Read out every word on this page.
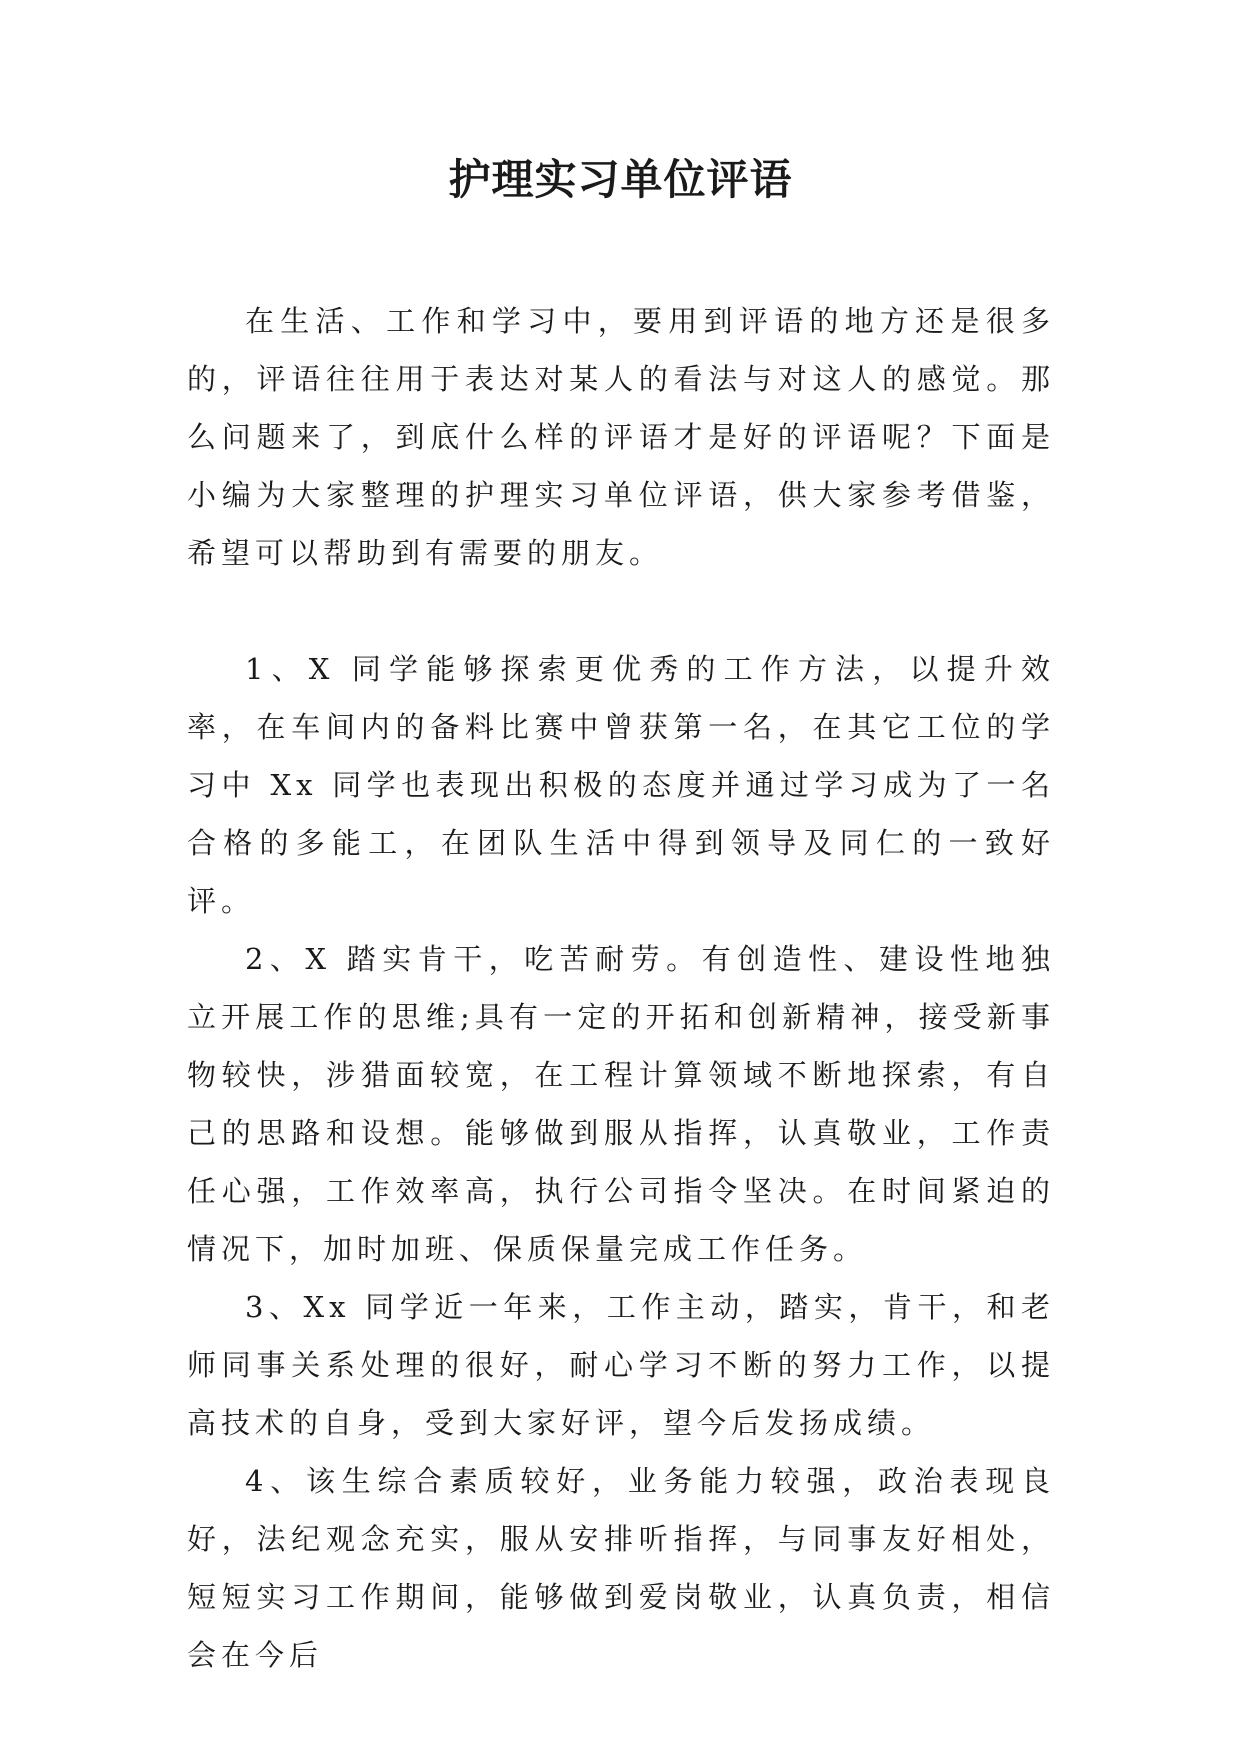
护理实习单位评语

在生活、工作和学习中，要用到评语的地方还是很多的，评语往往用于表达对某人的看法与对这人的感觉。那么问题来了，到底什么样的评语才是好的评语呢？下面是小编为大家整理的护理实习单位评语，供大家参考借鉴，希望可以帮助到有需要的朋友。

1、X 同学能够探索更优秀的工作方法，以提升效率，在车间内的备料比赛中曾获第一名，在其它工位的学习中 Xx 同学也表现出积极的态度并通过学习成为了一名合格的多能工，在团队生活中得到领导及同仁的一致好评。

2、X 踏实肯干，吃苦耐劳。有创造性、建设性地独立开展工作的思维;具有一定的开拓和创新精神，接受新事物较快，涉猎面较宽，在工程计算领域不断地探索，有自己的思路和设想。能够做到服从指挥，认真敬业，工作责任心强，工作效率高，执行公司指令坚决。在时间紧迫的情况下，加时加班、保质保量完成工作任务。

3、Xx 同学近一年来，工作主动，踏实，肯干，和老师同事关系处理的很好，耐心学习不断的努力工作，以提高技术的自身，受到大家好评，望今后发扬成绩。

4、该生综合素质较好，业务能力较强，政治表现良好，法纪观念充实，服从安排听指挥，与同事友好相处，短短实习工作期间，能够做到爱岗敬业，认真负责，相信会在今后
